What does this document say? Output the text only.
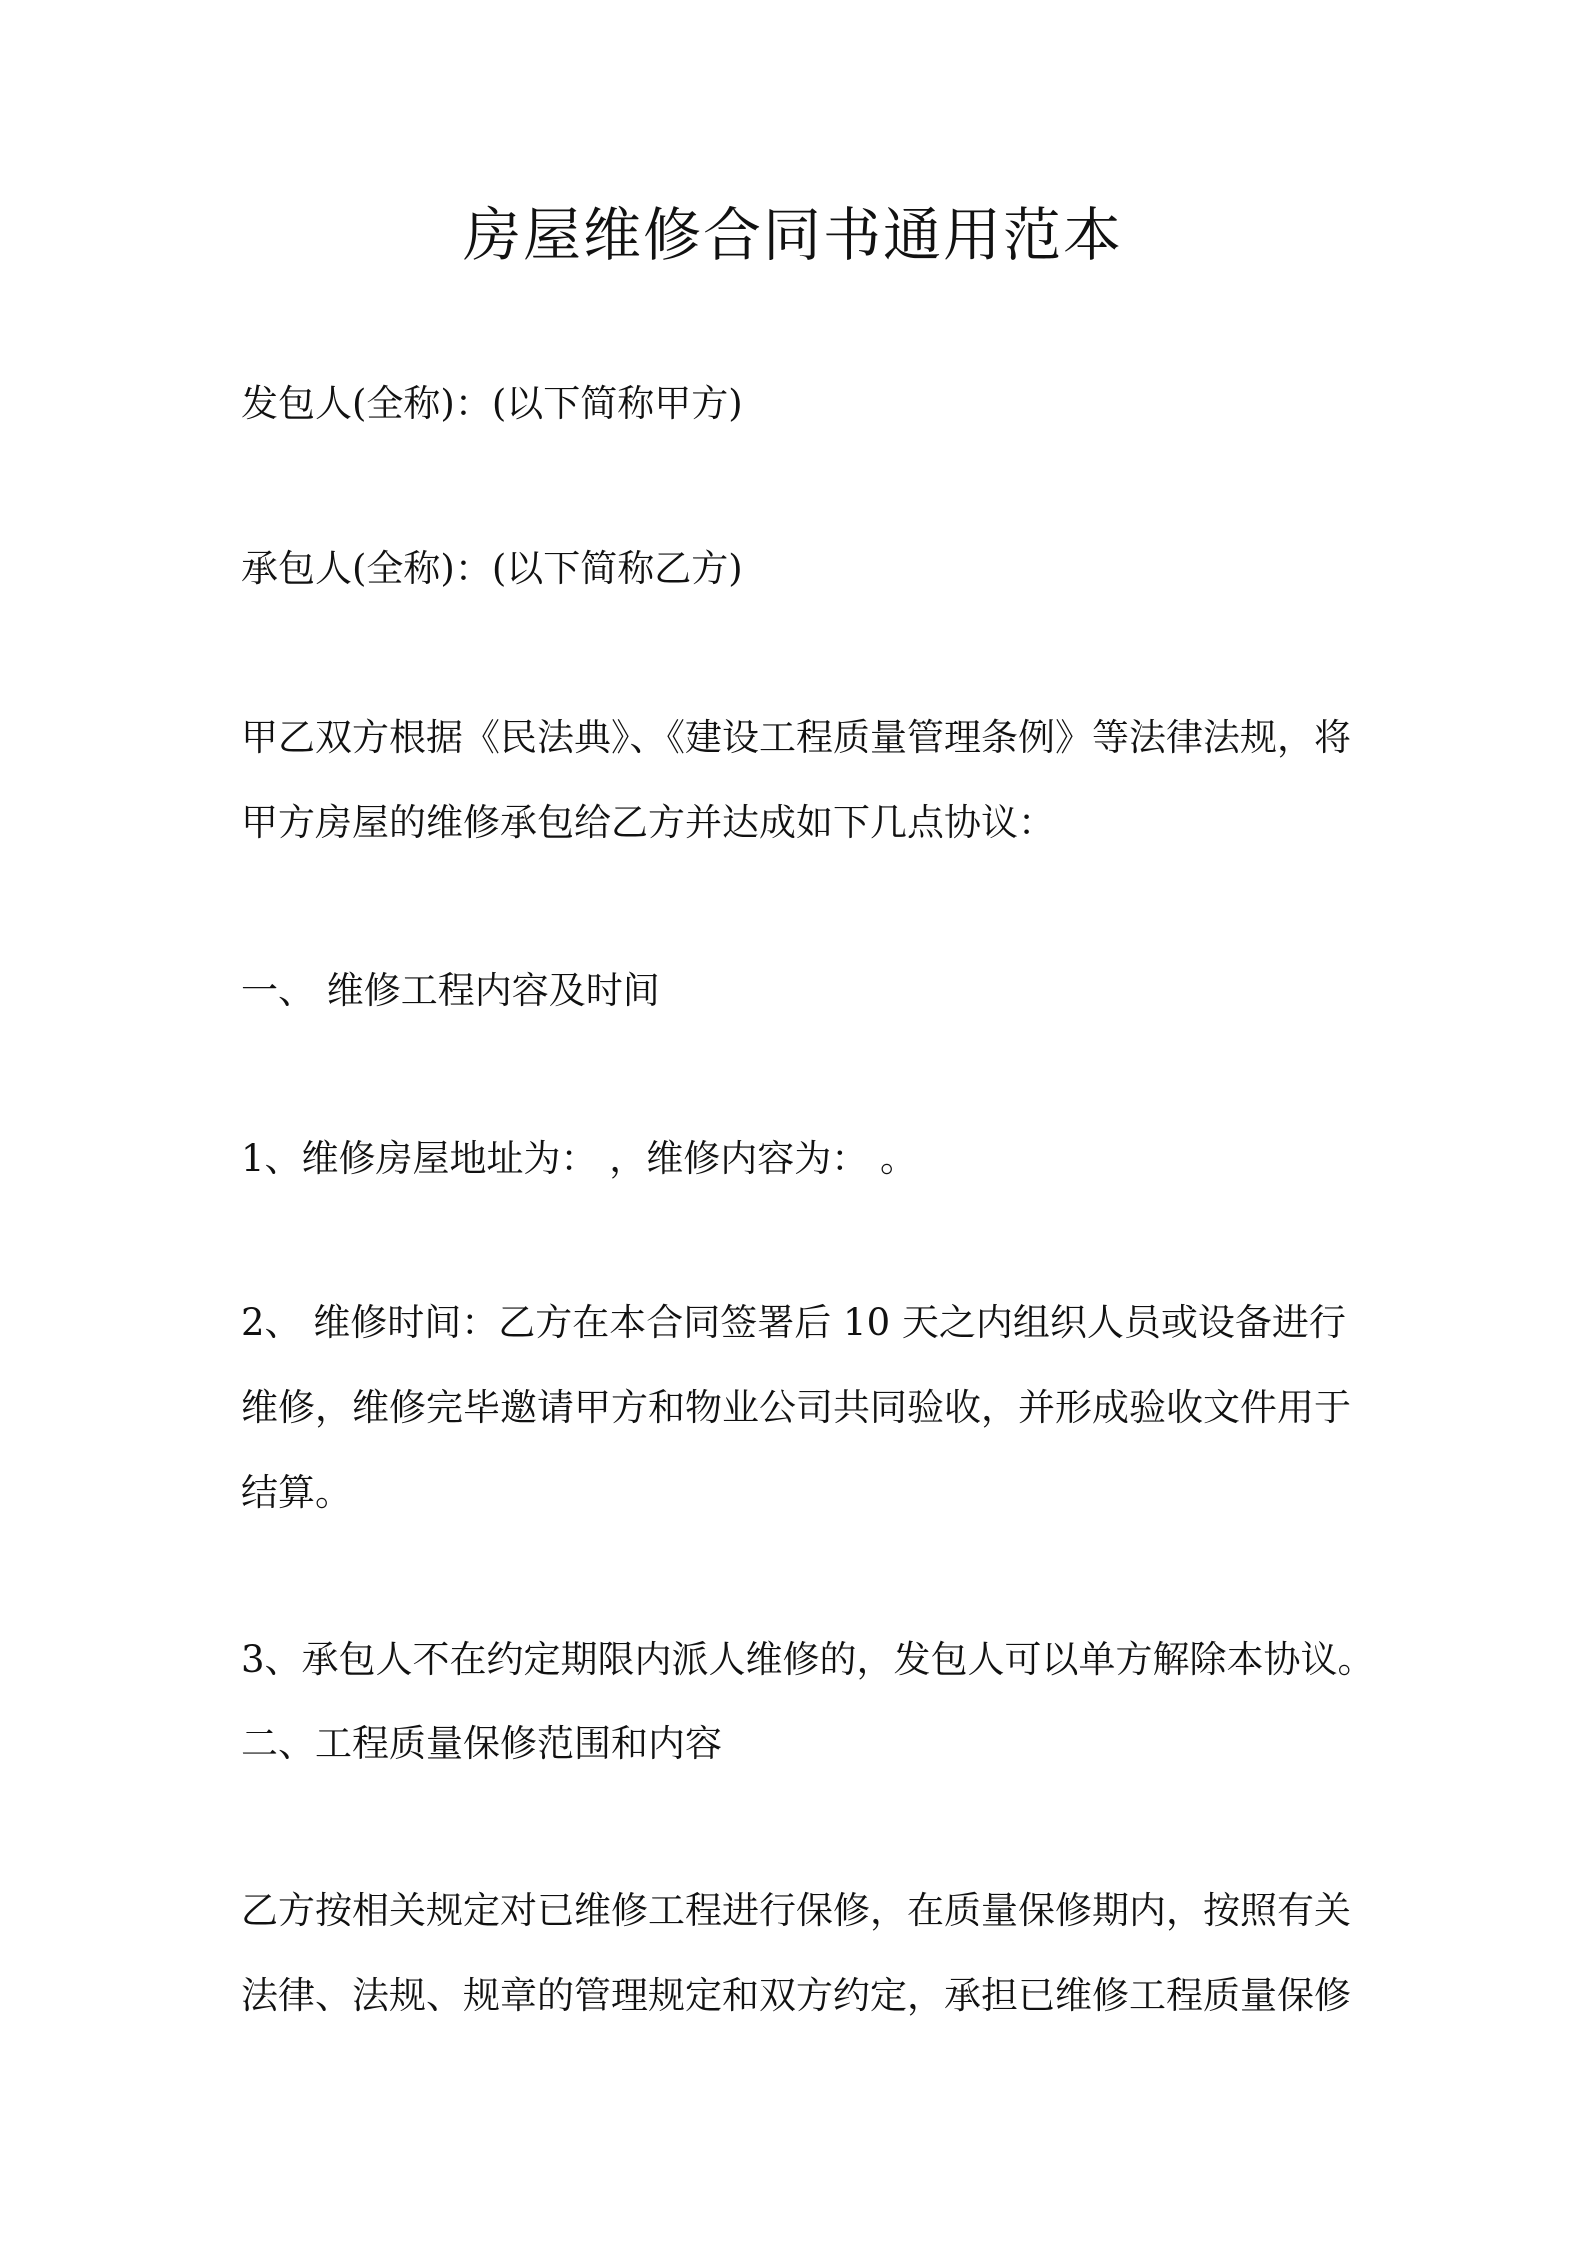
房屋维修合同书通用范本
发包人(全称)：(以下简称甲方)
承包人(全称)：(以下简称乙方)
甲乙双方根据《民法典》、《建设工程质量管理条例》等法律法规，将
甲方房屋的维修承包给乙方并达成如下几点协议：
一、 维修工程内容及时间
1、维修房屋地址为： ，维修内容为： 。
2、 维修时间：乙方在本合同签署后 10 天之内组织人员或设备进行
维修，维修完毕邀请甲方和物业公司共同验收，并形成验收文件用于
结算。
3、承包人不在约定期限内派人维修的，发包人可以单方解除本协议。
二、工程质量保修范围和内容
乙方按相关规定对已维修工程进行保修，在质量保修期内，按照有关
法律、法规、规章的管理规定和双方约定，承担已维修工程质量保修
